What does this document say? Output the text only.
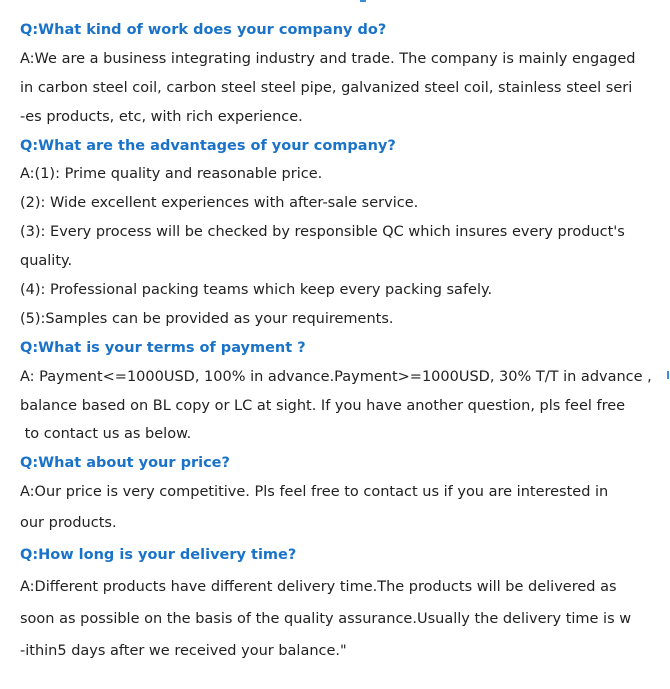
Q:What kind of work does your company do?
A:We are a business integrating industry and trade. The company is mainly engaged
in carbon steel coil, carbon steel steel pipe, galvanized steel coil, stainless steel seri
-es products, etc, with rich experience.
Q:What are the advantages of your company?
A:(1): Prime quality and reasonable price.
(2): Wide excellent experiences with after-sale service.
(3): Every process will be checked by responsible QC which insures every product's
quality.
(4): Professional packing teams which keep every packing safely.
(5):Samples can be provided as your requirements.
Q:What is your terms of payment ?
A: Payment<=1000USD, 100% in advance.Payment>=1000USD, 30% T/T in advance ,
balance based on BL copy or LC at sight. If you have another question, pls feel free
to contact us as below.
Q:What about your price?
A:Our price is very competitive. Pls feel free to contact us if you are interested in
our products.
Q:How long is your delivery time?
A:Different products have different delivery time.The products will be delivered as
soon as possible on the basis of the quality assurance.Usually the delivery time is w
-ithin5 days after we received your balance."
